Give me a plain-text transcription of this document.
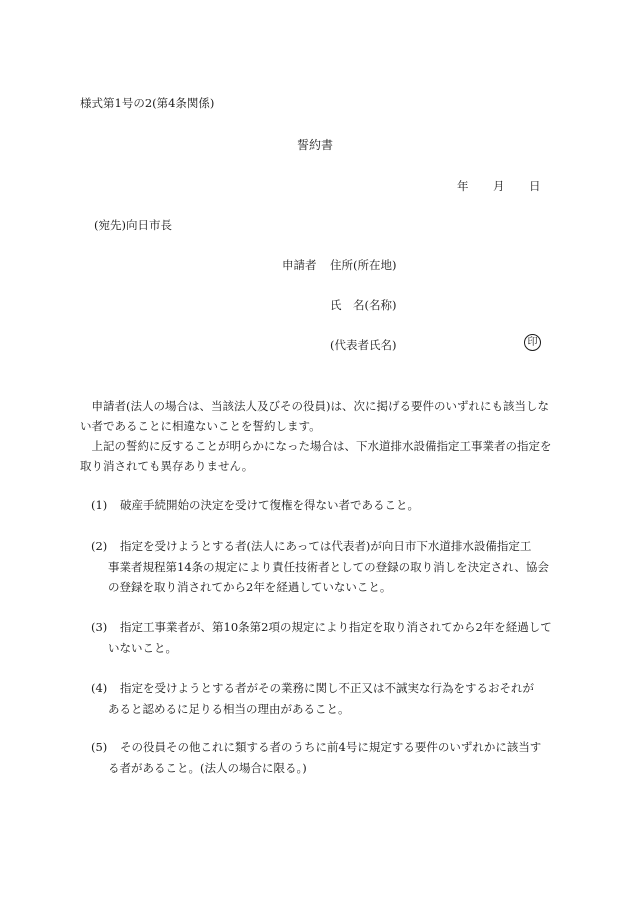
様式第1号の2(第4条関係)
誓約書
年 月 日
(宛先)向日市長
申請者 住所(所在地)
氏　名(名称)
(代表者氏名)	印
申請者(法人の場合は、当該法人及びその役員)は、次に掲げる要件のいずれにも該当しない者であることに相違ないことを誓約します。
上記の誓約に反することが明らかになった場合は、下水道排水設備指定工事業者の指定を取り消されても異存ありません。
(1) 破産手続開始の決定を受けて復権を得ない者であること。
(2) 指定を受けようとする者(法人にあっては代表者)が向日市下水道排水設備指定工
事業者規程第14条の規定により責任技術者としての登録の取り消しを決定され、協会
の登録を取り消されてから2年を経過していないこと。
(3) 指定工事業者が、第10条第2項の規定により指定を取り消されてから2年を経過して
いないこと。
(4) 指定を受けようとする者がその業務に関し不正又は不誠実な行為をするおそれが
あると認めるに足りる相当の理由があること。
(5) その役員その他これに類する者のうちに前4号に規定する要件のいずれかに該当す
る者があること。(法人の場合に限る。)
